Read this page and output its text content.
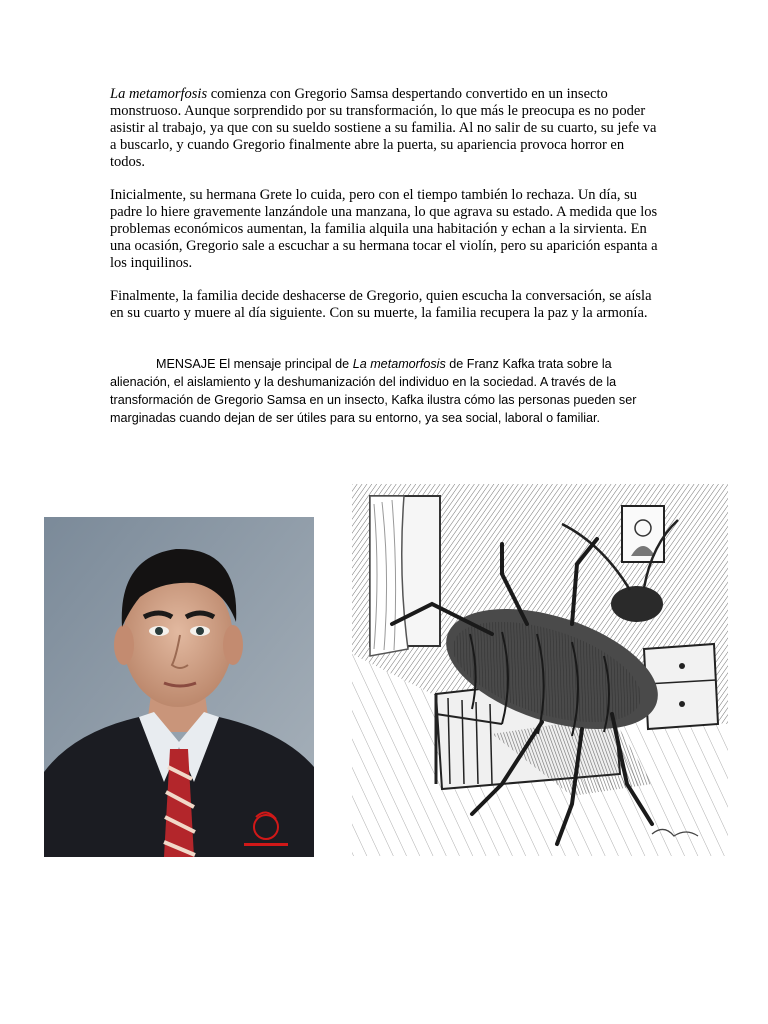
La metamorfosis comienza con Gregorio Samsa despertando convertido en un insecto monstruoso. Aunque sorprendido por su transformación, lo que más le preocupa es no poder asistir al trabajo, ya que con su sueldo sostiene a su familia. Al no salir de su cuarto, su jefe va a buscarlo, y cuando Gregorio finalmente abre la puerta, su apariencia provoca horror en todos.

Inicialmente, su hermana Grete lo cuida, pero con el tiempo también lo rechaza. Un día, su padre lo hiere gravemente lanzándole una manzana, lo que agrava su estado. A medida que los problemas económicos aumentan, la familia alquila una habitación y echan a la sirvienta. En una ocasión, Gregorio sale a escuchar a su hermana tocar el violín, pero su aparición espanta a los inquilinos.

Finalmente, la familia decide deshacerse de Gregorio, quien escucha la conversación, se aísla en su cuarto y muere al día siguiente. Con su muerte, la familia recupera la paz y la armonía.

MENSAJE El mensaje principal de La metamorfosis de Franz Kafka trata sobre la alienación, el aislamiento y la deshumanización del individuo en la sociedad. A través de la transformación de Gregorio Samsa en un insecto, Kafka ilustra cómo las personas pueden ser marginadas cuando dejan de ser útiles para su entorno, ya sea social, laboral o familiar.
